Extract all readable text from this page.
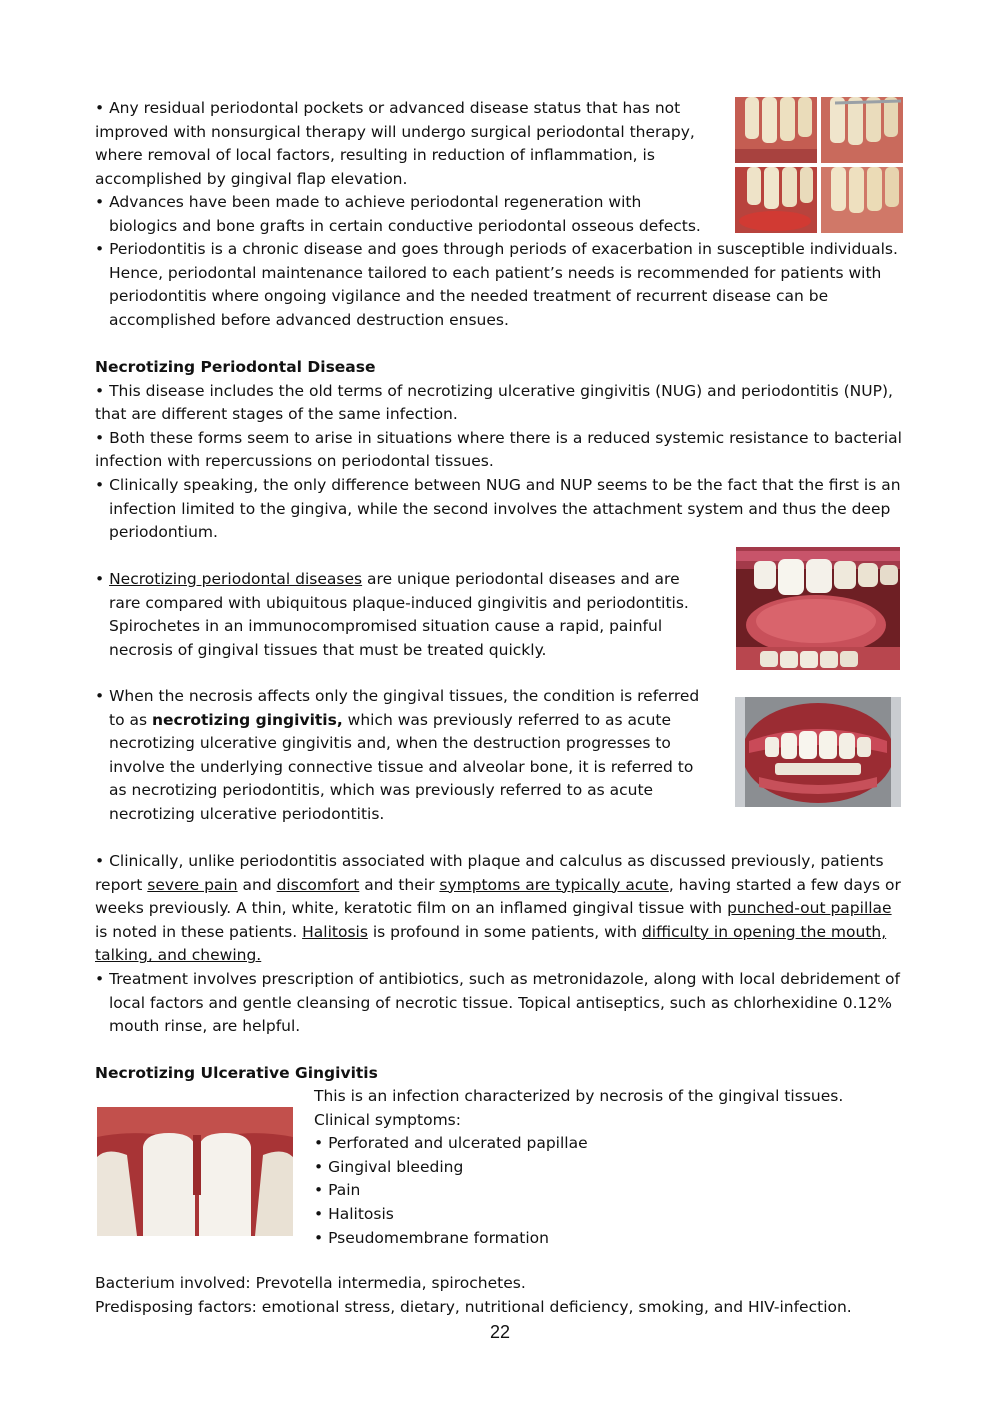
• Any residual periodontal pockets or advanced disease status that has not improved with nonsurgical therapy will undergo surgical periodontal therapy, where removal of local factors, resulting in reduction of inflammation, is accomplished by gingival flap elevation.

• Advances have been made to achieve periodontal regeneration with biologics and bone grafts in certain conductive periodontal osseous defects.

• Periodontitis is a chronic disease and goes through periods of exacerbation in susceptible individuals. Hence, periodontal maintenance tailored to each patient’s needs is recommended for patients with periodontitis where ongoing vigilance and the needed treatment of recurrent disease can be accomplished before advanced destruction ensues.

Necrotizing Periodontal Disease

• This disease includes the old terms of necrotizing ulcerative gingivitis (NUG) and periodontitis (NUP), that are different stages of the same infection.

• Both these forms seem to arise in situations where there is a reduced systemic resistance to bacterial infection with repercussions on periodontal tissues.

• Clinically speaking, the only difference between NUG and NUP seems to be the fact that the first is an infection limited to the gingiva, while the second involves the attachment system and thus the deep periodontium.

• Necrotizing periodontal diseases are unique periodontal diseases and are rare compared with ubiquitous plaque-induced gingivitis and periodontitis. Spirochetes in an immunocompromised situation cause a rapid, painful necrosis of gingival tissues that must be treated quickly.

• When the necrosis affects only the gingival tissues, the condition is referred to as necrotizing gingivitis, which was previously referred to as acute necrotizing ulcerative gingivitis and, when the destruction progresses to involve the underlying connective tissue and alveolar bone, it is referred to as necrotizing periodontitis, which was previously referred to as acute necrotizing ulcerative periodontitis.

• Clinically, unlike periodontitis associated with plaque and calculus as discussed previously, patients report severe pain and discomfort and their symptoms are typically acute, having started a few days or weeks previously. A thin, white, keratotic film on an inflamed gingival tissue with punched-out papillae is noted in these patients. Halitosis is profound in some patients, with difficulty in opening the mouth, talking, and chewing.

• Treatment involves prescription of antibiotics, such as metronidazole, along with local debridement of local factors and gentle cleansing of necrotic tissue. Topical antiseptics, such as chlorhexidine 0.12% mouth rinse, are helpful.

Necrotizing Ulcerative Gingivitis

This is an infection characterized by necrosis of the gingival tissues.

Clinical symptoms:

• Perforated and ulcerated papillae

• Gingival bleeding

• Pain

• Halitosis

• Pseudomembrane formation

Bacterium involved: Prevotella intermedia, spirochetes.

Predisposing factors: emotional stress, dietary, nutritional deficiency, smoking, and HIV-infection.

22
